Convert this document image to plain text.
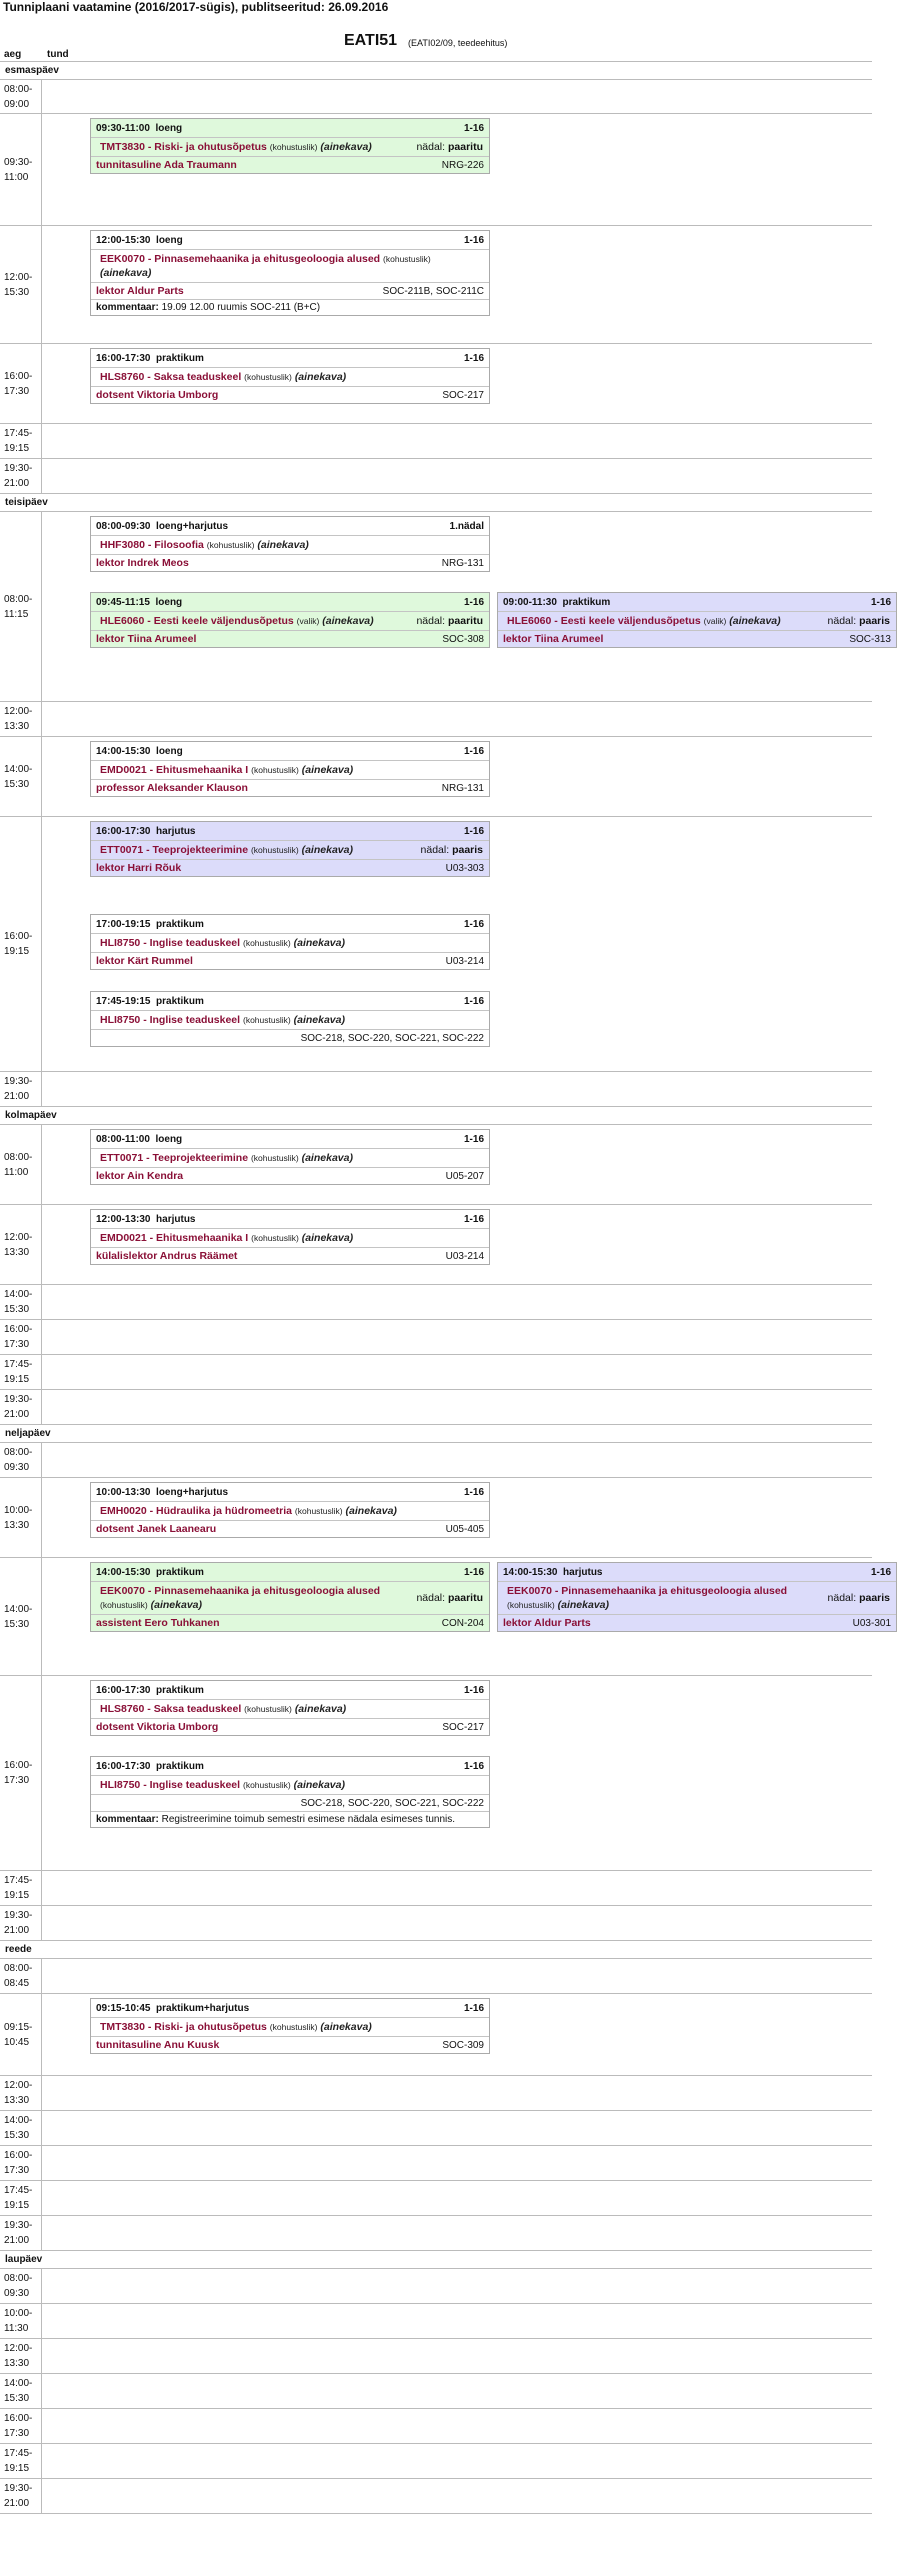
Tunniplaani vaatamine (2016/2017-sügis), publitseeritud: 26.09.2016
EATI51 (EATI02/09, teedeehitus)
aeg	tund
esmaspäev
08:00-09:00
09:30-11:00
09:30-11:00 loeng	1-16
TMT3830 - Riski- ja ohutusõpetus (kohustuslik) (ainekava)	nädal: paaritu
tunnitasuline Ada Traumann	NRG-226
12:00-15:30
12:00-15:30 loeng	1-16
EEK0070 - Pinnasemehaanika ja ehitusgeoloogia alused (kohustuslik) (ainekava)
lektor Aldur Parts	SOC-211B, SOC-211C
kommentaar: 19.09 12.00 ruumis SOC-211 (B+C)
16:00-17:30
16:00-17:30 praktikum	1-16
HLS8760 - Saksa teaduskeel (kohustuslik) (ainekava)
dotsent Viktoria Umborg	SOC-217
17:45-19:15
19:30-21:00
teisipäev
08:00-11:15
08:00-09:30 loeng+harjutus	1.nädal
HHF3080 - Filosoofia (kohustuslik) (ainekava)
lektor Indrek Meos	NRG-131
09:45-11:15 loeng	1-16
HLE6060 - Eesti keele väljendusõpetus (valik) (ainekava)	nädal: paaritu
lektor Tiina Arumeel	SOC-308
09:00-11:30 praktikum	1-16
HLE6060 - Eesti keele väljendusõpetus (valik) (ainekava)	nädal: paaris
lektor Tiina Arumeel	SOC-313
12:00-13:30
14:00-15:30
14:00-15:30 loeng	1-16
EMD0021 - Ehitusmehaanika I (kohustuslik) (ainekava)
professor Aleksander Klauson	NRG-131
16:00-19:15
16:00-17:30 harjutus	1-16
ETT0071 - Teeprojekteerimine (kohustuslik) (ainekava)	nädal: paaris
lektor Harri Rõuk	U03-303
17:00-19:15 praktikum	1-16
HLI8750 - Inglise teaduskeel (kohustuslik) (ainekava)
lektor Kärt Rummel	U03-214
17:45-19:15 praktikum	1-16
HLI8750 - Inglise teaduskeel (kohustuslik) (ainekava)
SOC-218, SOC-220, SOC-221, SOC-222
19:30-21:00
kolmapäev
08:00-11:00
08:00-11:00 loeng	1-16
ETT0071 - Teeprojekteerimine (kohustuslik) (ainekava)
lektor Ain Kendra	U05-207
12:00-13:30
12:00-13:30 harjutus	1-16
EMD0021 - Ehitusmehaanika I (kohustuslik) (ainekava)
külalislektor Andrus Räämet	U03-214
14:00-15:30
16:00-17:30
17:45-19:15
19:30-21:00
neljapäev
08:00-09:30
10:00-13:30
10:00-13:30 loeng+harjutus	1-16
EMH0020 - Hüdraulika ja hüdromeetria (kohustuslik) (ainekava)
dotsent Janek Laanearu	U05-405
14:00-15:30
14:00-15:30 praktikum	1-16
EEK0070 - Pinnasemehaanika ja ehitusgeoloogia alused (kohustuslik) (ainekava)
nädal: paaritu
assistent Eero Tuhkanen	CON-204
14:00-15:30 harjutus	1-16
EEK0070 - Pinnasemehaanika ja ehitusgeoloogia alused (kohustuslik) (ainekava)
nädal: paaris
lektor Aldur Parts	U03-301
16:00-17:30
16:00-17:30 praktikum	1-16
HLS8760 - Saksa teaduskeel (kohustuslik) (ainekava)
dotsent Viktoria Umborg	SOC-217
16:00-17:30 praktikum	1-16
HLI8750 - Inglise teaduskeel (kohustuslik) (ainekava)
SOC-218, SOC-220, SOC-221, SOC-222
kommentaar: Registreerimine toimub semestri esimese nädala esimeses tunnis.
17:45-19:15
19:30-21:00
reede
08:00-08:45
09:15-10:45
09:15-10:45 praktikum+harjutus	1-16
TMT3830 - Riski- ja ohutusõpetus (kohustuslik) (ainekava)
tunnitasuline Anu Kuusk	SOC-309
12:00-13:30
14:00-15:30
16:00-17:30
17:45-19:15
19:30-21:00
laupäev
08:00-09:30
10:00-11:30
12:00-13:30
14:00-15:30
16:00-17:30
17:45-19:15
19:30-21:00
